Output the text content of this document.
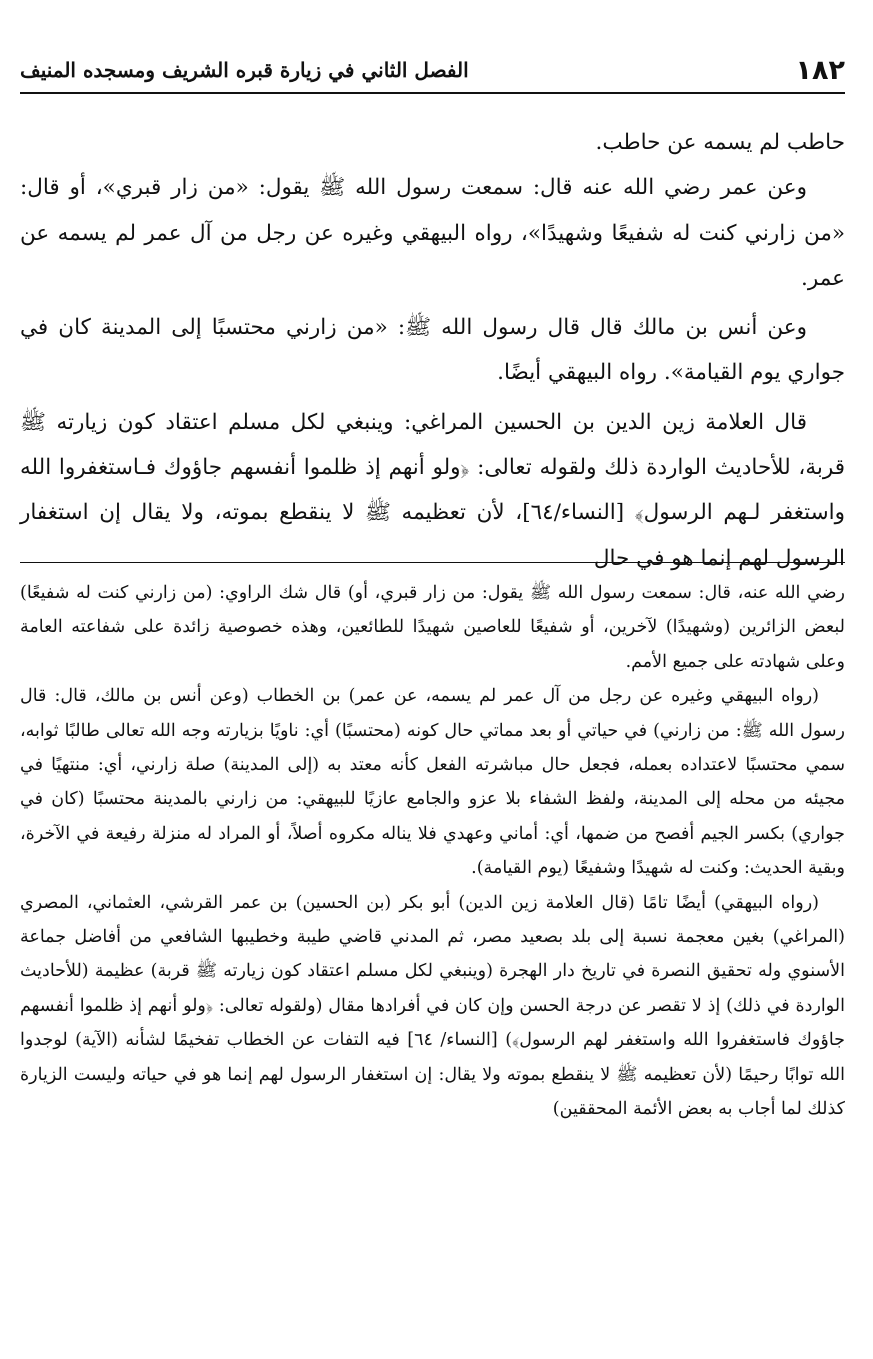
١٨٢
الفصل الثاني في زيارة قبره الشريف ومسجده المنيف

حاطب لم يسمه عن حاطب.

وعن عمر رضي الله عنه قال: سمعت رسول الله ﷺ يقول: «من زار قبري»، أو قال: «من زارني كنت له شفيعًا وشهيدًا»، رواه البيهقي وغيره عن رجل من آل عمر لم يسمه عن عمر.

وعن أنس بن مالك قال قال رسول الله ﷺ: «من زارني محتسبًا إلى المدينة كان في جواري يوم القيامة». رواه البيهقي أيضًا.

قال العلامة زين الدين بن الحسين المراغي: وينبغي لكل مسلم اعتقاد كون زيارته ﷺ قربة، للأحاديث الواردة ذلك ولقوله تعالى: ﴿ولو أنهم إذ ظلموا أنفسهم جاؤوك فـاستغفروا الله واستغفر لـهم الرسول﴾ [النساء/٦٤]، لأن تعظيمه ﷺ لا ينقطع بموته، ولا يقال إن استغفار الرسول لهم إنما هو في حال

رضي الله عنه، قال: سمعت رسول الله ﷺ يقول: من زار قبري، أو) قال شك الراوي: (من زارني كنت له شفيعًا) لبعض الزائرين (وشهيدًا) لآخرين، أو شفيعًا للعاصين شهيدًا للطائعين، وهذه خصوصية زائدة على شفاعته العامة وعلى شهادته على جميع الأمم.

(رواه البيهقي وغيره عن رجل من آل عمر لم يسمه، عن عمر) بن الخطاب (وعن أنس بن مالك، قال: قال رسول الله ﷺ: من زارني) في حياتي أو بعد مماتي حال كونه (محتسبًا) أي: ناويًا بزيارته وجه الله تعالى طالبًا ثوابه، سمي محتسبًا لاعتداده بعمله، فجعل حال مباشرته الفعل كأنه معتد به (إلى المدينة) صلة زارني، أي: منتهيًا في مجيئه من محله إلى المدينة، ولفظ الشفاء بلا عزو والجامع عازيًا للبيهقي: من زارني بالمدينة محتسبًا (كان في جواري) بكسر الجيم أفصح من ضمها، أي: أماني وعهدي فلا يناله مكروه أصلاً، أو المراد له منزلة رفيعة في الآخرة، وبقية الحديث: وكنت له شهيدًا وشفيعًا (يوم القيامة).

(رواه البيهقي) أيضًا تامًا (قال العلامة زين الدين) أبو بكر (بن الحسين) بن عمر القرشي، العثماني، المصري (المراغي) بغين معجمة نسبة إلى بلد بصعيد مصر، ثم المدني قاضي طيبة وخطيبها الشافعي من أفاضل جماعة الأسنوي وله تحقيق النصرة في تاريخ دار الهجرة (وينبغي لكل مسلم اعتقاد كون زيارته ﷺ قربة) عظيمة (للأحاديث الواردة في ذلك) إذ لا تقصر عن درجة الحسن وإن كان في أفرادها مقال (ولقوله تعالى: ﴿ولو أنهم إذ ظلموا أنفسهم جاؤوك فاستغفروا الله واستغفر لهم الرسول﴾) [النساء/ ٦٤] فيه التفات عن الخطاب تفخيمًا لشأنه (الآية) لوجدوا الله توابًا رحيمًا (لأن تعظيمه ﷺ لا ينقطع بموته ولا يقال: إن استغفار الرسول لهم إنما هو في حياته وليست الزيارة كذلك لما أجاب به بعض الأئمة المحققين)
